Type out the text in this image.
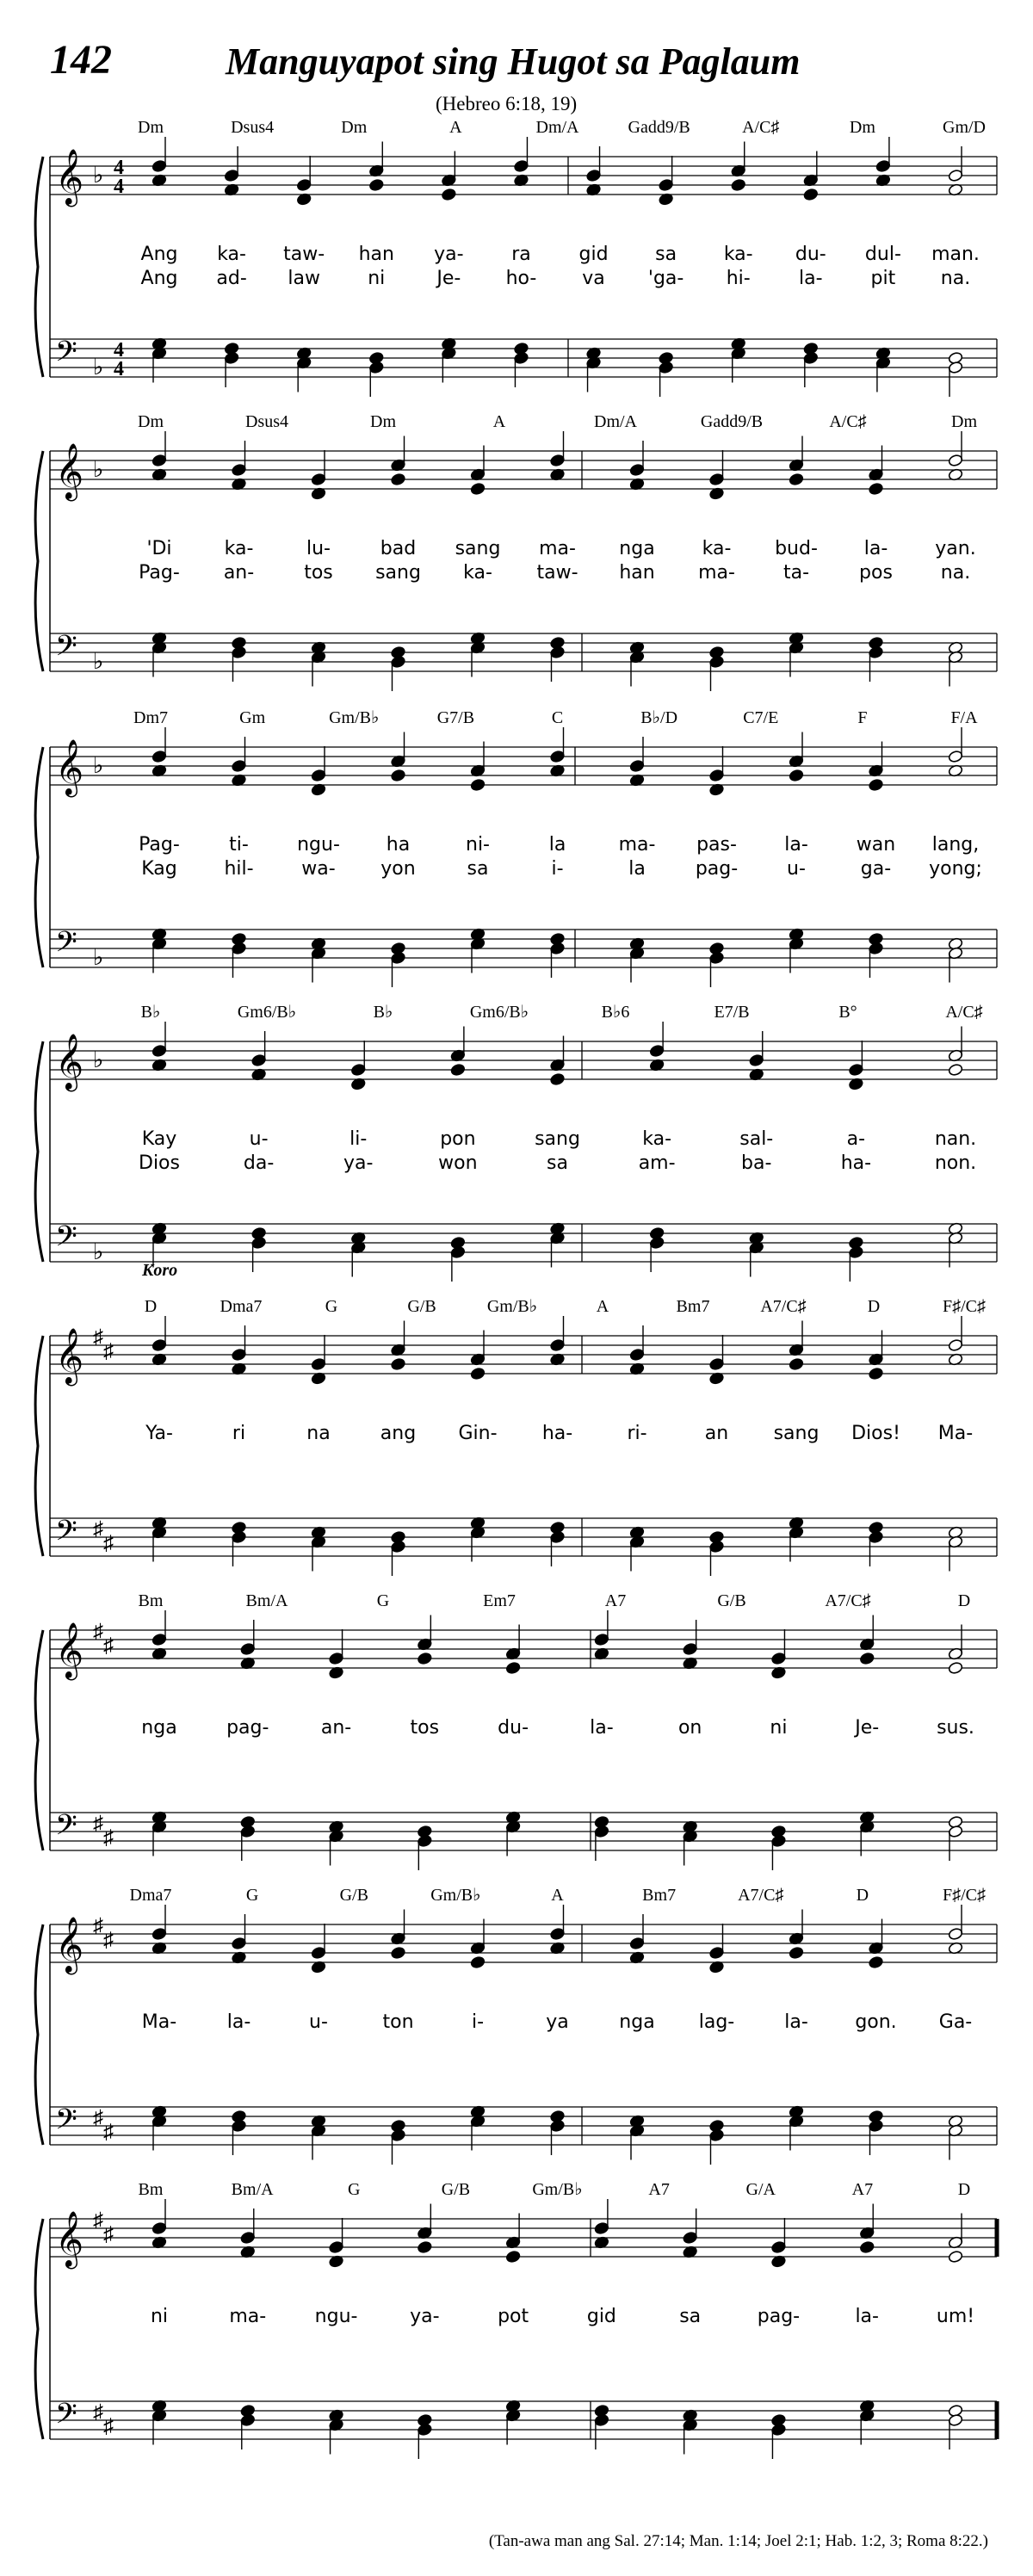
142	Manguyapot sing Hugot sa Paglaum
(Hebreo 6:18, 19)
𝄞
𝄢
♭
♭
4
4
4
4
Dm	Dsus4	Dm	A	Dm/A	Gadd9/B	A/C♯	Dm	Gm/D
Ang ka- taw- han ya-	ra	gid sa ka- du- dul- man.
Ang ad- law	ni	Je- ho- va 'ga- hi-	la-	pit na.
𝄞
𝄢
♭
♭
Dm	Dsus4	Dm	A	Dm/A	Gadd9/B	A/C♯	Dm
'Di	ka-	lu-	bad sang ma- nga ka- bud- la-	yan.
Pag- an-	tos sang ka- taw- han ma-	ta-	pos	na.
𝄞
𝄢
♭
♭
Dm7	Gm	Gm/B♭	G7/B	C	B♭/D	C7/E	F	F/A
Pag-	ti-	ngu- ha	ni-	la	ma- pas-	la-	wan lang,
Kag hil-	wa- yon	sa	i-	la	pag-	u-	ga- yong;
𝄞
𝄢
♭
♭
B♭	Gm6/B♭	B♭	Gm6/B♭	B♭6	E7/B	B°	A/C♯
Kay	u-	li-	pon	sang	ka-	sal-	a-	nan.
Dios	da-	ya-	won	sa	am-	ba-	ha-	non.
𝄞
𝄢
♯
♯
♯
♯
Koro
D	Dma7	G	G/B	Gm/B♭	A	Bm7	A7/C♯	D	F♯/C♯
Ya-	ri	na	ang Gin- ha-	ri-	an sang Dios! Ma-
𝄞
𝄢
♯
♯
♯
♯
Bm	Bm/A	G	Em7	A7	G/B	A7/C♯	D
nga	pag-	an-	tos	du-	la-	on	ni	Je-	sus.
𝄞
𝄢
♯
♯
♯
♯
Dma7	G	G/B	Gm/B♭	A	Bm7	A7/C♯	D	F♯/C♯
Ma-	la-	u-	ton	i-	ya	nga lag-	la- gon. Ga-
𝄞
𝄢
♯
♯
♯
♯
Bm	Bm/A	G	G/B	Gm/B♭	A7	G/A	A7	D
ni	ma-	ngu-	ya-	pot	gid	sa	pag-	la-	um!
(Tan-awa man ang Sal. 27:14; Man. 1:14; Joel 2:1; Hab. 1:2, 3; Roma 8:22.)
